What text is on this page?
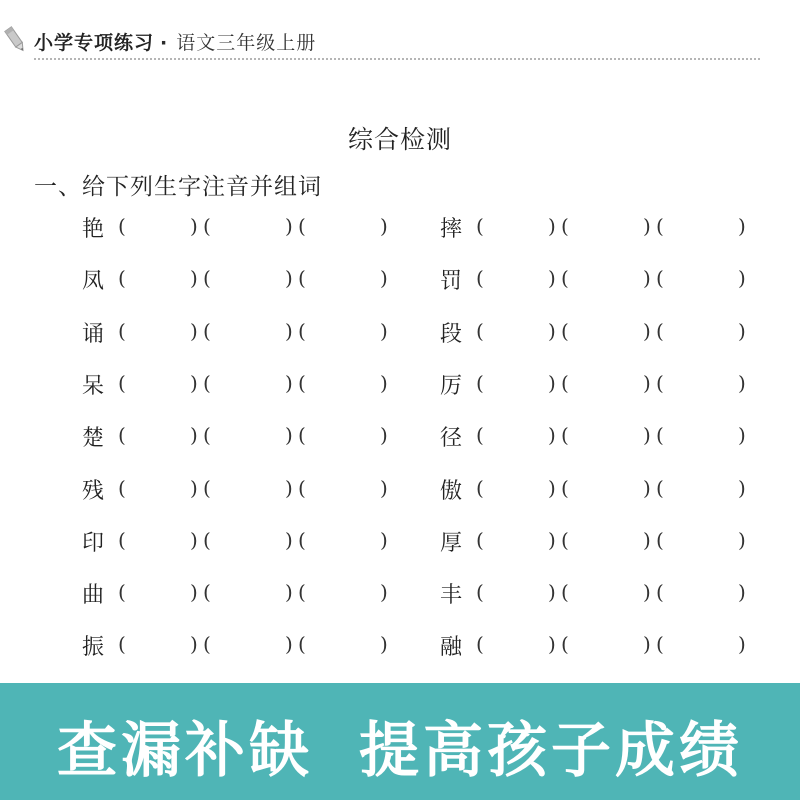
小学专项练习 · 语文三年级上册
综合检测
一、给下列生字注音并组词
艳 (	) (	) (	) 摔 (	) (	) (	)
凤 (	) (	) (	) 罚 (	) (	) (	)
诵 (	) (	) (	) 段 (	) (	) (	)
呆 (	) (	) (	) 厉 (	) (	) (	)
楚 (	) (	) (	) 径 (	) (	) (	)
残 (	) (	) (	) 傲 (	) (	) (	)
印 (	) (	) (	) 厚 (	) (	) (	)
曲 (	) (	) (	) 丰 (	) (	) (	)
振 (	) (	) (	) 融 (	) (	) (	)
查漏补缺 提高孩子成绩
